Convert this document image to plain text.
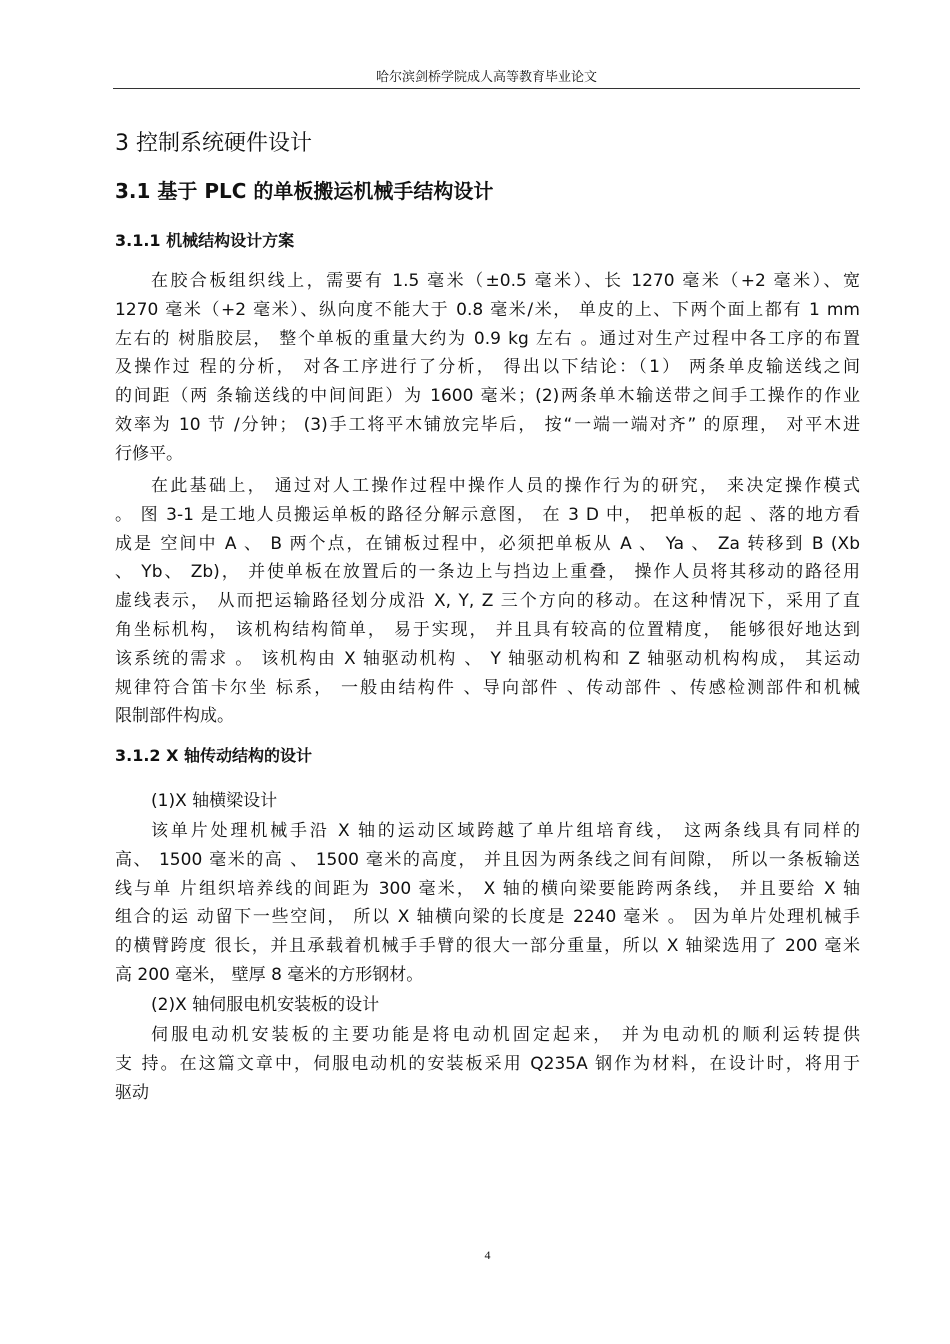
哈尔滨剑桥学院成人高等教育毕业论文
3 控制系统硬件设计
3.1 基于 PLC 的单板搬运机械手结构设计
3.1.1 机械结构设计方案
在胶合板组织线上，需要有 1.5 毫米（±0.5 毫米）、长 1270 毫米（+2 毫米）、宽
1270 毫米（+2 毫米）、纵向度不能大于 0.8 毫米/米， 单皮的上、下两个面上都有 1 mm
左右的 树脂胶层， 整个单板的重量大约为 0.9 kg 左右 。通过对生产过程中各工序的布置
及操作过 程的分析， 对各工序进行了分析， 得出以下结论：（1） 两条单皮输送线之间
的间距（两 条输送线的中间间距）为 1600 毫米；(2)两条单木输送带之间手工操作的作业
效率为 10 节 /分钟； (3)手工将平木铺放完毕后， 按“一端一端对齐” 的原理， 对平木进
行修平。
在此基础上， 通过对人工操作过程中操作人员的操作行为的研究， 来决定操作模式
。 图 3-1 是工地人员搬运单板的路径分解示意图， 在 3 D 中， 把单板的起 、落的地方看
成是 空间中 A 、 B 两个点，在铺板过程中，必须把单板从 A 、 Ya 、 Za 转移到 B (Xb
、 Yb、 Zb)， 并使单板在放置后的一条边上与挡边上重叠， 操作人员将其移动的路径用
虚线表示， 从而把运输路径划分成沿 X, Y, Z 三个方向的移动。在这种情况下，采用了直
角坐标机构， 该机构结构简单， 易于实现， 并且具有较高的位置精度， 能够很好地达到
该系统的需求 。 该机构由 X 轴驱动机构 、 Y 轴驱动机构和 Z 轴驱动机构构成， 其运动
规律符合笛卡尔坐 标系， 一般由结构件 、导向部件 、传动部件 、传感检测部件和机械
限制部件构成。
3.1.2 X 轴传动结构的设计
(1)X 轴横梁设计
该单片处理机械手沿 X 轴的运动区域跨越了单片组培育线， 这两条线具有同样的
高、 1500 毫米的高 、 1500 毫米的高度， 并且因为两条线之间有间隙， 所以一条板输送
线与单 片组织培养线的间距为 300 毫米， X 轴的横向梁要能跨两条线， 并且要给 X 轴
组合的运 动留下一些空间， 所以 X 轴横向梁的长度是 2240 毫米 。 因为单片处理机械手
的横臂跨度 很长，并且承载着机械手手臂的很大一部分重量，所以 X 轴梁选用了 200 毫米
高 200 毫米， 壁厚 8 毫米的方形钢材。
(2)X 轴伺服电机安装板的设计
伺服电动机安装板的主要功能是将电动机固定起来， 并为电动机的顺利运转提供
支 持。在这篇文章中，伺服电动机的安装板采用 Q235A 钢作为材料，在设计时，将用于
驱动
4
